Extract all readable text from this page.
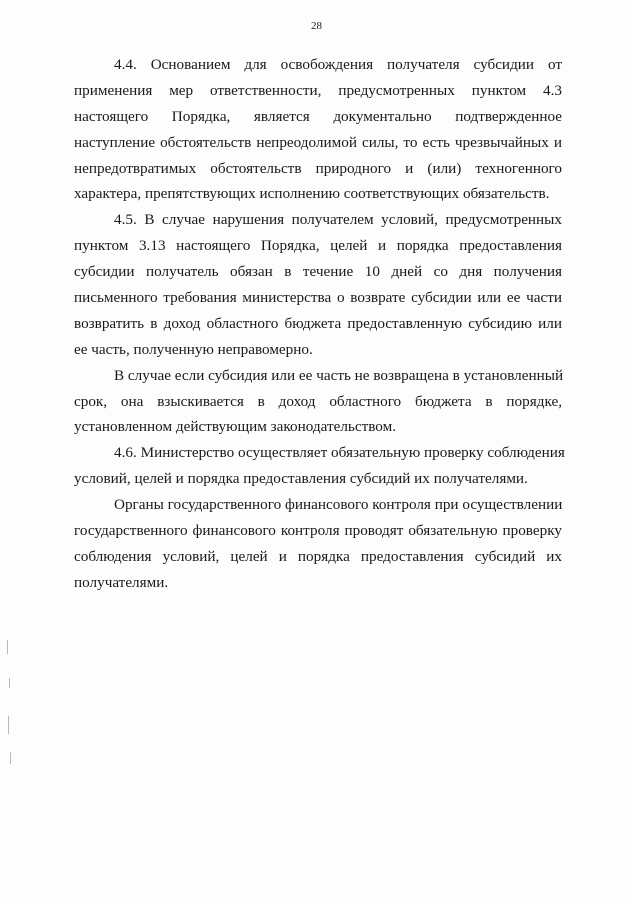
28
4.4. Основанием для освобождения получателя субсидии от
применения мер ответственности, предусмотренных пунктом 4.3
настоящего Порядка, является документально подтвержденное
наступление обстоятельств непреодолимой силы, то есть чрезвычайных и
непредотвратимых обстоятельств природного и (или) техногенного
характера, препятствующих исполнению соответствующих обязательств.
4.5. В случае нарушения получателем условий, предусмотренных
пунктом 3.13 настоящего Порядка, целей и порядка предоставления
субсидии получатель обязан в течение 10 дней со дня получения
письменного требования министерства о возврате субсидии или ее части
возвратить в доход областного бюджета предоставленную субсидию или
ее часть, полученную неправомерно.
В случае если субсидия или ее часть не возвращена в установленный
срок, она взыскивается в доход областного бюджета в порядке,
установленном действующим законодательством.
4.6. Министерство осуществляет обязательную проверку соблюдения
условий, целей и порядка предоставления субсидий их получателями.
Органы государственного финансового контроля при осуществлении
государственного финансового контроля проводят обязательную проверку
соблюдения условий, целей и порядка предоставления субсидий их
получателями.
